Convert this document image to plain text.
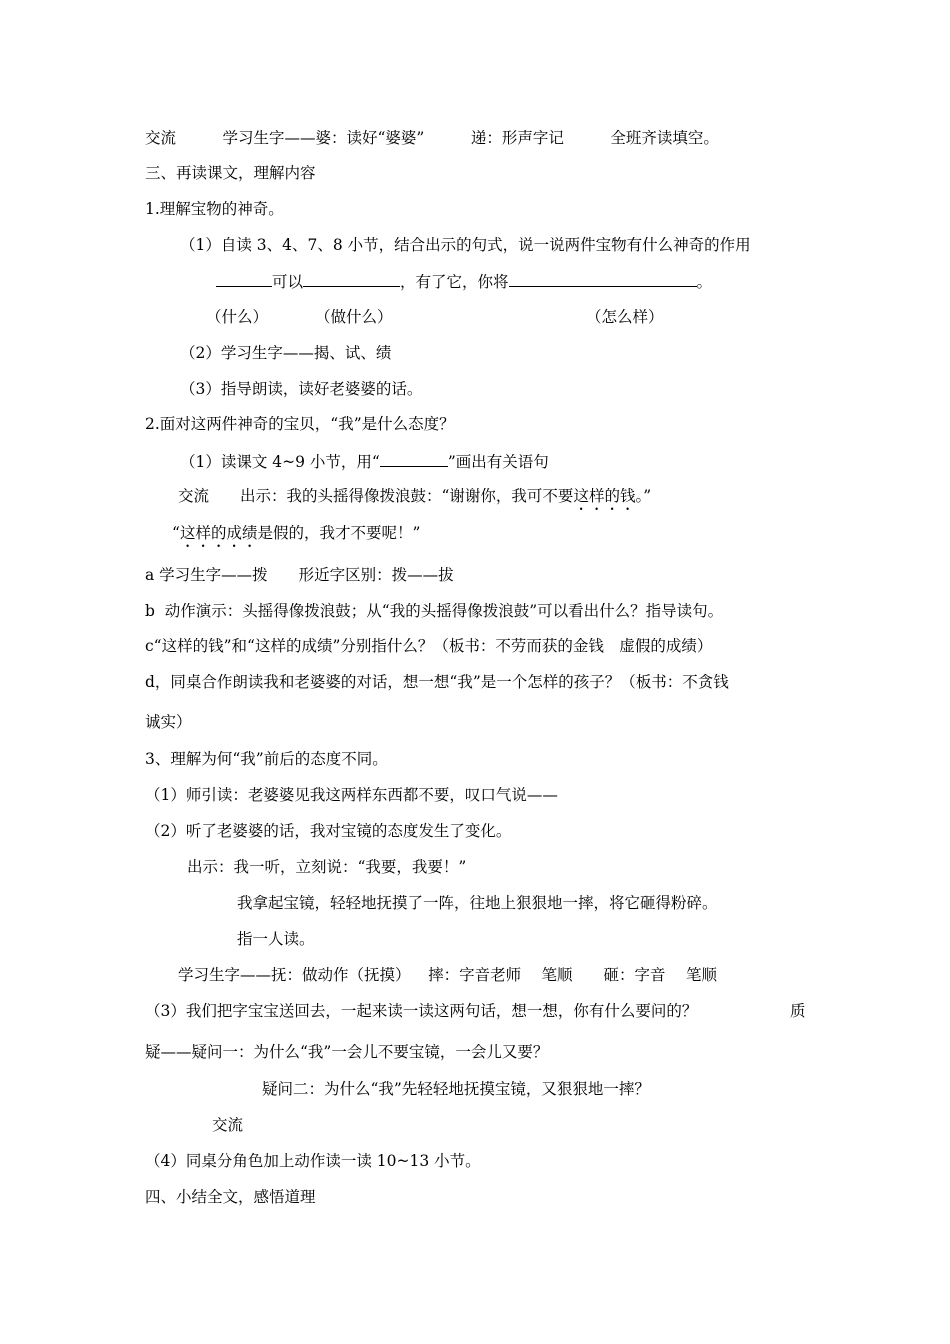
交流　　　学习生字——婆：读好“婆婆”　　　递：形声字记　　　全班齐读填空。
三、再读课文，理解内容
1.理解宝物的神奇。
（1）自读 3、4、7、8 小节，结合出示的句式，说一说两件宝物有什么神奇的作用
可以	，有了它，你将	。
（什么）	（做什么）	（怎么样）
（2）学习生字——揭、试、绩
（3）指导朗读，读好老婆婆的话。
2.面对这两件神奇的宝贝，“我”是什么态度？
（1）读课文 4~9 小节，用“	”画出有关语句
交流　　出示：我的头摇得像拨浪鼓：“谢谢你，我可不要这样的钱。”
“这样的成绩是假的，我才不要呢！”
a 学习生字——拨　　形近字区别：拨——拔
b  动作演示：头摇得像拨浪鼓；从“我的头摇得像拨浪鼓”可以看出什么？指导读句。
c“这样的钱”和“这样的成绩”分别指什么？（板书：不劳而获的金钱　虚假的成绩）
d，同桌合作朗读我和老婆婆的对话，想一想“我”是一个怎样的孩子？（板书：不贪钱
诚实）
3、理解为何“我”前后的态度不同。
（1）师引读：老婆婆见我这两样东西都不要，叹口气说——
（2）听了老婆婆的话，我对宝镜的态度发生了变化。
出示：我一听，立刻说：“我要，我要！”
我拿起宝镜，轻轻地抚摸了一阵，往地上狠狠地一摔，将它砸得粉碎。
指一人读。
学习生字——抚：做动作（抚摸）　  摔：字音老师　 笔顺　　砸：字音　 笔顺
（3）我们把字宝宝送回去，一起来读一读这两句话，想一想，你有什么要问的？	质
疑——疑问一：为什么“我”一会儿不要宝镜，一会儿又要？
疑问二：为什么“我”先轻轻地抚摸宝镜，又狠狠地一摔？
交流
（4）同桌分角色加上动作读一读 10~13 小节。
四、小结全文，感悟道理
